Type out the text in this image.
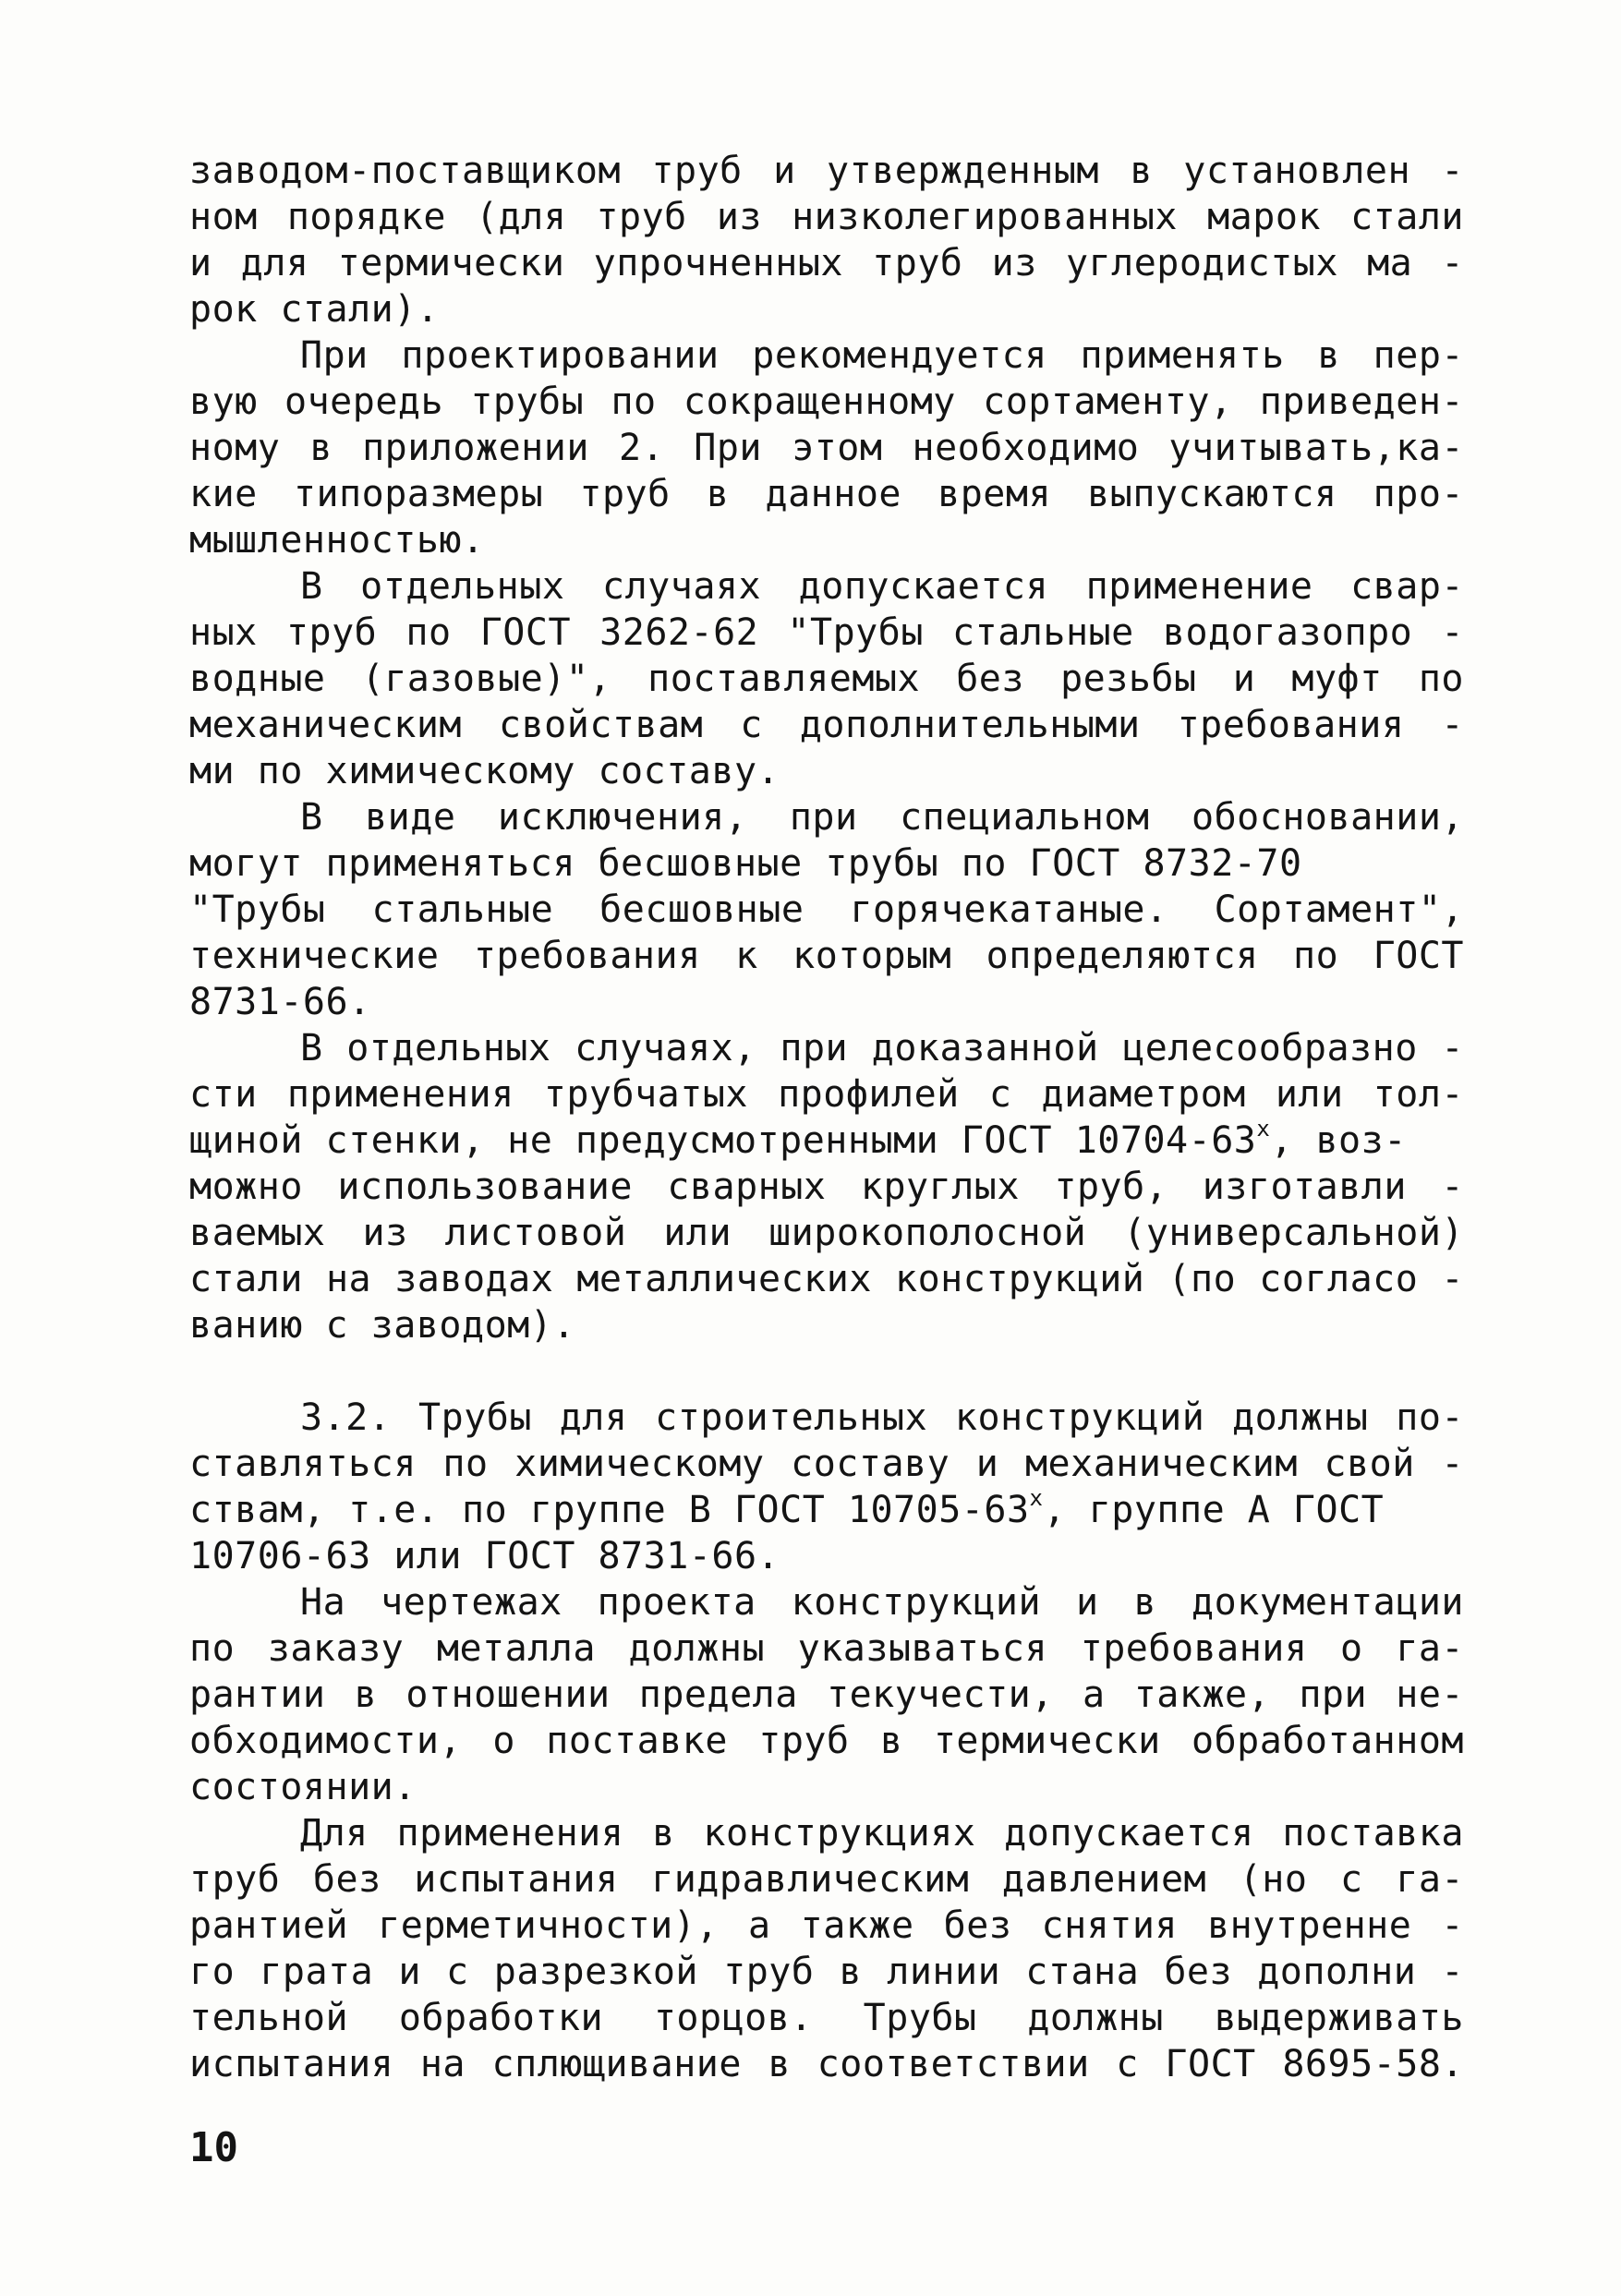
заводом-поставщиком труб и утвержденным в установлен -
ном порядке (для труб из низколегированных марок стали
и для термически упрочненных труб из углеродистых ма -
рок стали).
При проектировании рекомендуется применять в пер-
вую очередь трубы по сокращенному сортаменту, приведен-
ному в приложении 2. При этом необходимо учитывать,ка-
кие типоразмеры труб в данное время выпускаются про-
мышленностью.
В отдельных случаях допускается применение свар-
ных труб по ГОСТ 3262-62 "Трубы стальные водогазопро -
водные (газовые)", поставляемых без резьбы и муфт по
механическим свойствам с дополнительными требования -
ми по химическому составу.
В виде исключения, при специальном обосновании,
могут применяться бесшовные трубы по ГОСТ 8732-70
"Трубы стальные бесшовные горячекатаные. Сортамент",
технические требования к которым определяются по ГОСТ
8731-66.
В отдельных случаях, при доказанной целесообразно -
сти применения трубчатых профилей с диаметром или тол-
щиной стенки, не предусмотренными ГОСТ 10704-63$^x$, воз-
можно использование сварных круглых труб, изготавли -
ваемых из листовой или широкополосной (универсальной)
стали на заводах металлических конструкций (по согласо -
ванию с заводом).
3.2. Трубы для строительных конструкций должны по-
ставляться по химическому составу и механическим свой -
ствам, т.е. по группе В ГОСТ 10705-63$^x$, группе А ГОСТ
10706-63 или ГОСТ 8731-66.
На чертежах проекта конструкций и в документации
по заказу металла должны указываться требования о га-
рантии в отношении предела текучести, а также, при не-
обходимости, о поставке труб в термически обработанном
состоянии.
Для применения в конструкциях допускается поставка
труб без испытания гидравлическим давлением (но с га-
рантией герметичности), а также без снятия внутренне -
го грата и с разрезкой труб в линии стана без дополни -
тельной обработки торцов. Трубы должны выдерживать
испытания на сплющивание в соответствии с ГОСТ 8695-58.
10
